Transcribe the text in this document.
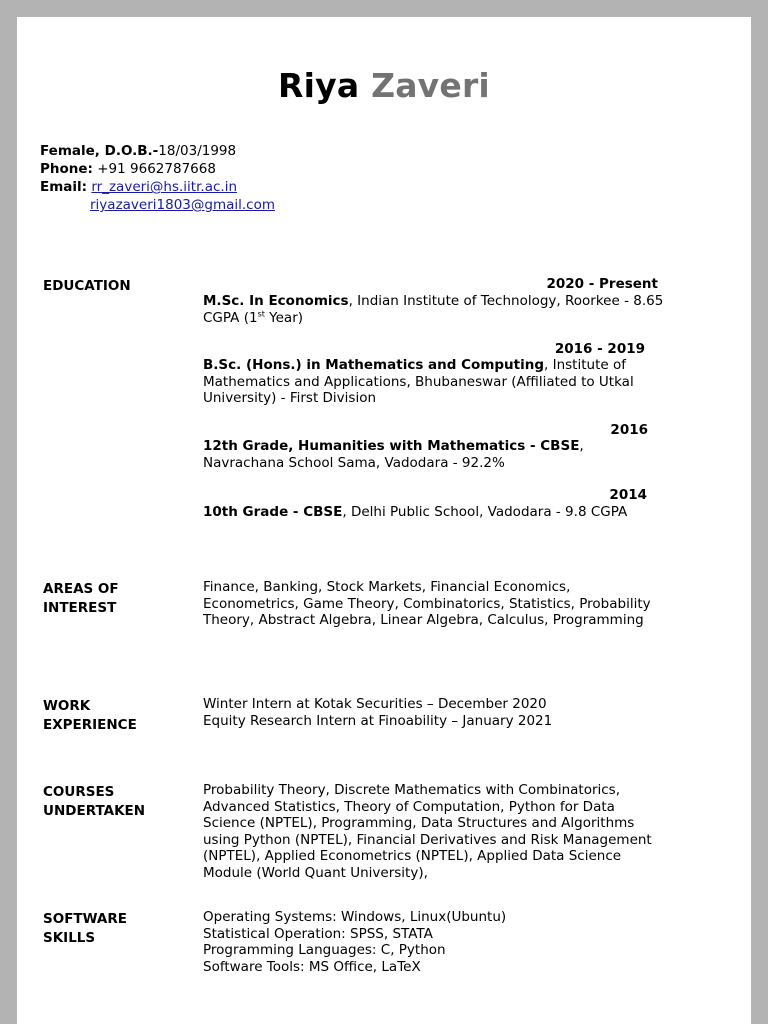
Riya Zaveri
Female, D.O.B.-18/03/1998
Phone: +91 9662787668
Email: rr_zaveri@hs.iitr.ac.in
riyazaveri1803@gmail.com
EDUCATION	2020 - Present
M.Sc. In Economics, Indian Institute of Technology, Roorkee - 8.65 CGPA (1st Year)
2016 - 2019
B.Sc. (Hons.) in Mathematics and Computing, Institute of Mathematics and Applications, Bhubaneswar (Affiliated to Utkal University) - First Division
2016
12th Grade, Humanities with Mathematics - CBSE, Navrachana School Sama, Vadodara - 92.2%
2014
10th Grade - CBSE, Delhi Public School, Vadodara - 9.8 CGPA
AREAS OF
INTEREST
Finance, Banking, Stock Markets, Financial Economics, Econometrics, Game Theory, Combinatorics, Statistics, Probability Theory, Abstract Algebra, Linear Algebra, Calculus, Programming
WORK
EXPERIENCE
Winter Intern at Kotak Securities – December 2020
Equity Research Intern at Finoability – January 2021
COURSES
UNDERTAKEN
Probability Theory, Discrete Mathematics with Combinatorics, Advanced Statistics, Theory of Computation, Python for Data Science (NPTEL), Programming, Data Structures and Algorithms using Python (NPTEL), Financial Derivatives and Risk Management (NPTEL), Applied Econometrics (NPTEL), Applied Data Science Module (World Quant University),
SOFTWARE
SKILLS
Operating Systems: Windows, Linux(Ubuntu)
Statistical Operation: SPSS, STATA
Programming Languages: C, Python
Software Tools: MS Office, LaTeX
